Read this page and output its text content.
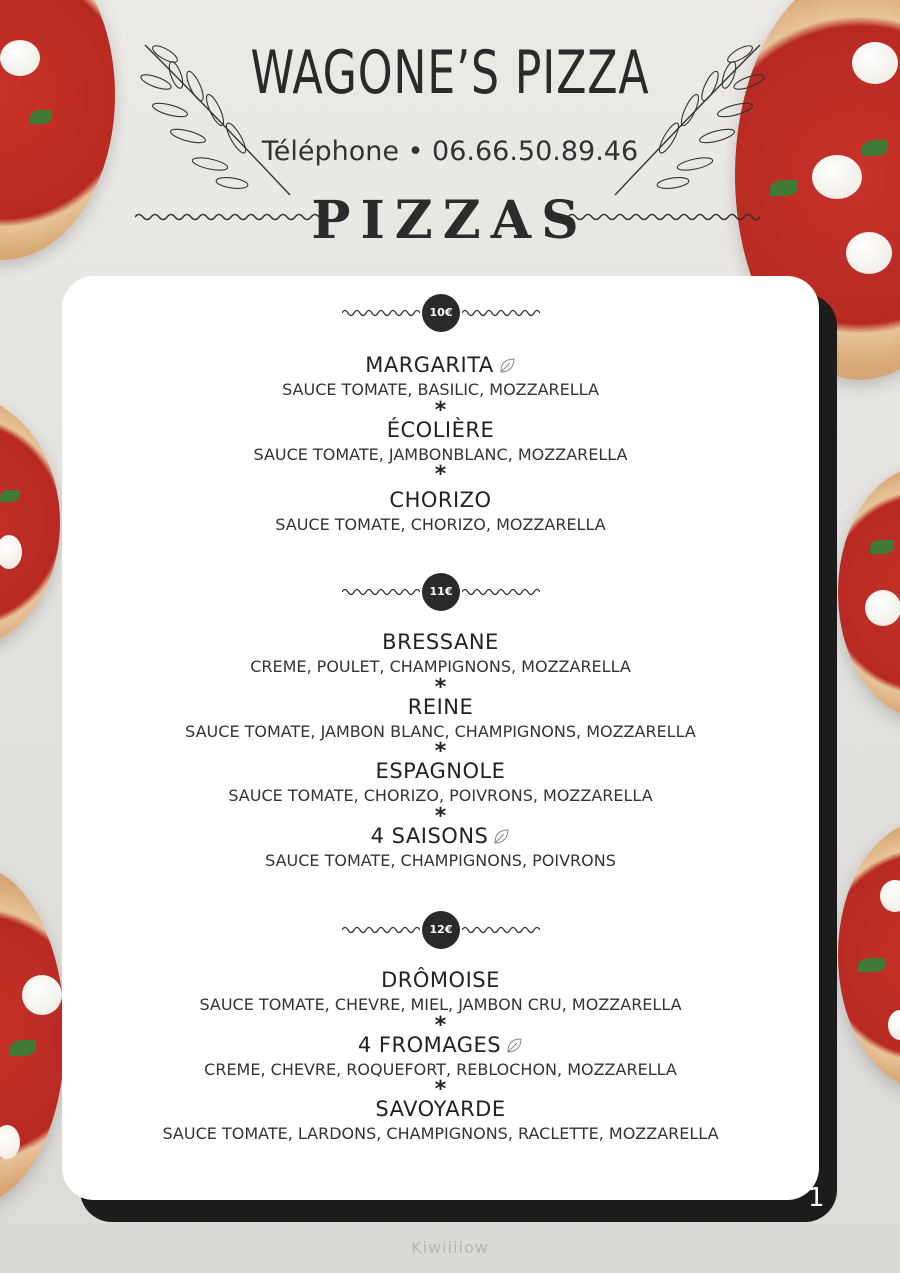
WAGONE’S PIZZA
Téléphone • 06.66.50.89.46
PIZZAS
1
10€
MARGARITA
SAUCE TOMATE, BASILIC, MOZZARELLA
*
ÉCOLIÈRE
SAUCE TOMATE, JAMBONBLANC, MOZZARELLA
*
CHORIZO
SAUCE TOMATE, CHORIZO, MOZZARELLA
11€
BRESSANE
CREME, POULET, CHAMPIGNONS, MOZZARELLA
*
REINE
SAUCE TOMATE, JAMBON BLANC, CHAMPIGNONS, MOZZARELLA
*
ESPAGNOLE
SAUCE TOMATE, CHORIZO, POIVRONS, MOZZARELLA
*
4 SAISONS
SAUCE TOMATE, CHAMPIGNONS, POIVRONS
12€
DRÔMOISE
SAUCE TOMATE, CHEVRE, MIEL, JAMBON CRU, MOZZARELLA
*
4 FROMAGES
CREME, CHEVRE, ROQUEFORT, REBLOCHON, MOZZARELLA
*
SAVOYARDE
SAUCE TOMATE, LARDONS, CHAMPIGNONS, RACLETTE, MOZZARELLA
Kiwiiiiow
